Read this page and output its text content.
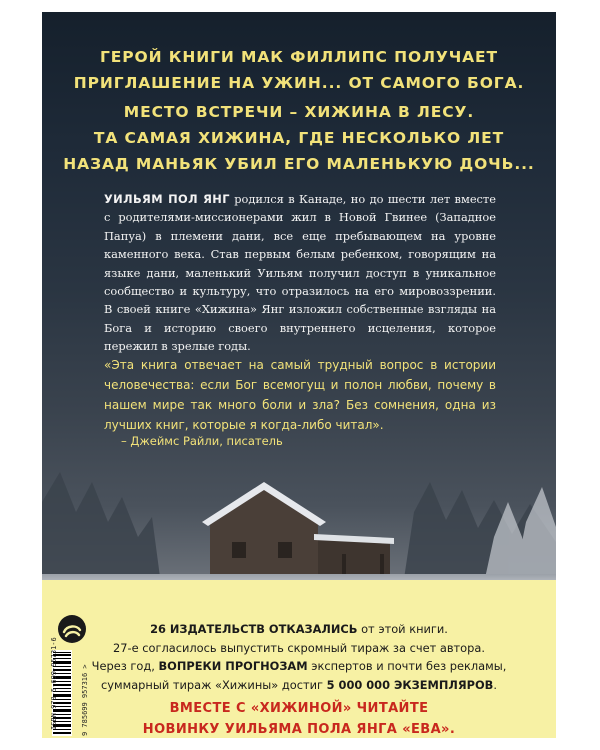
ГЕРОЙ КНИГИ МАК ФИЛЛИПС ПОЛУЧАЕТ
ПРИГЛАШЕНИЕ НА УЖИН... ОТ САМОГО БОГА.
МЕСТО ВСТРЕЧИ – ХИЖИНА В ЛЕСУ.
ТА САМАЯ ХИЖИНА, ГДЕ НЕСКОЛЬКО ЛЕТ
НАЗАД МАНЬЯК УБИЛ ЕГО МАЛЕНЬКУЮ ДОЧЬ...
УИЛЬЯМ ПОЛ ЯНГ родился в Канаде, но до шести лет вместе с родителями-миссионерами жил в Новой Гвинее (Западное Папуа) в племени дани, все еще пребывающем на уровне каменного века. Став первым белым ребенком, говорящим на языке дани, маленький Уильям получил доступ в уникальное сообщество и культуру, что отразилось на его мировоззрении. В своей книге «Хижина» Янг изложил собственные взгляды на Бога и историю своего внутреннего исцеления, которое пережил в зрелые годы.
«Эта книга отвечает на самый трудный вопрос в истории человечества: если Бог всемогущ и полон любви, почему в нашем мире так много боли и зла? Без сомнения, одна из лучших книг, которые я когда-либо читал».
– Джеймс Райли, писатель
ISBN 978-5-699-95731-6	9 785699 957316 >
26 ИЗДАТЕЛЬСТВ ОТКАЗАЛИСЬ от этой книги.
27-е согласилось выпустить скромный тираж за счет автора.
Через год, ВОПРЕКИ ПРОГНОЗАМ экспертов и почти без рекламы,
суммарный тираж «Хижины» достиг 5 000 000 ЭКЗЕМПЛЯРОВ.
ВМЕСТЕ С «ХИЖИНОЙ» ЧИТАЙТЕ
НОВИНКУ УИЛЬЯМА ПОЛА ЯНГА «ЕВА».
